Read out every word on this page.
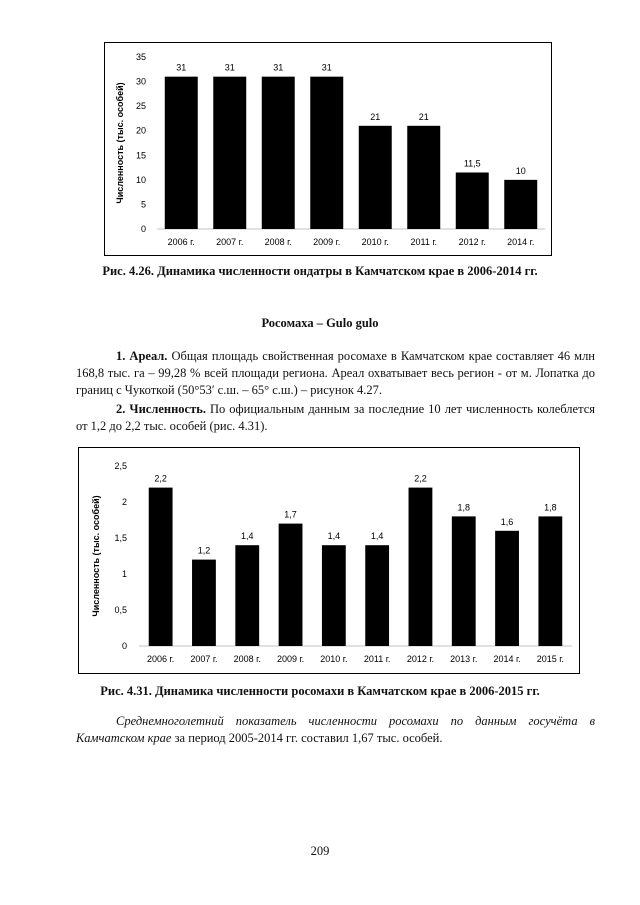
Численность (тыс. особей)
0
5
10
15
20
25
30
35
31
2006 г.
31
2007 г.
31
2008 г.
31
2009 г.
21
2010 г.
21
2011 г.
11,5
2012 г.
10
2014 г.
Рис. 4.26. Динамика численности ондатры в Камчатском крае в 2006-2014 гг.
Росомаха – Gulo gulo
1. Ареал. Общая площадь свойственная росомахе в Камчатском крае составляет 46 млн 168,8 тыс. га – 99,28 % всей площади региона. Ареал охватывает весь регион - от м. Лопатка до границ с Чукоткой (50°53′ с.ш. – 65° с.ш.) – рисунок 4.27.
2. Численность. По официальным данным за последние 10 лет численность колеблется от 1,2 до 2,2 тыс. особей (рис. 4.31).
Численность (тыс. особей)
0
0,5
1
1,5
2
2,5
2,2
2006 г.
1,2
2007 г.
1,4
2008 г.
1,7
2009 г.
1,4
2010 г.
1,4
2011 г.
2,2
2012 г.
1,8
2013 г.
1,6
2014 г.
1,8
2015 г.
Рис. 4.31. Динамика численности росомахи в Камчатском крае в 2006-2015 гг.
Среднемноголетний показатель численности росомахи по данным госучёта в Камчатском крае за период 2005-2014 гг. составил 1,67 тыс. особей.
209
